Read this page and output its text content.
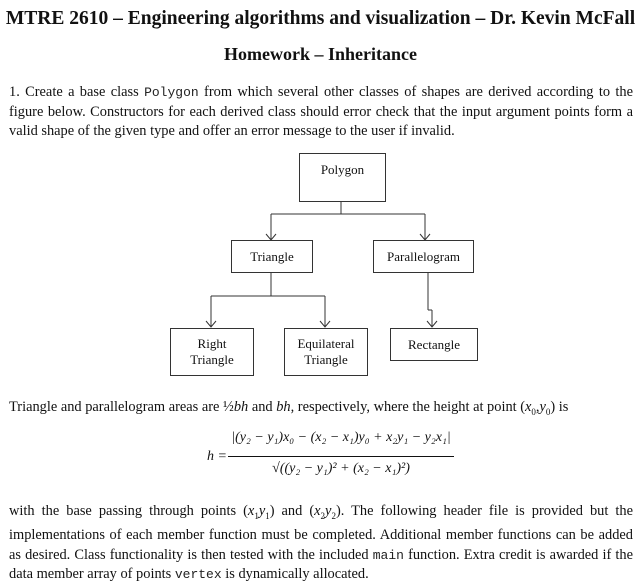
MTRE 2610 – Engineering algorithms and visualization – Dr. Kevin McFall
Homework – Inheritance
1. Create a base class Polygon from which several other classes of shapes are derived according to the figure below. Constructors for each derived class should error check that the input argument points form a valid shape of the given type and offer an error message to the user if invalid.
Polygon
Triangle	Parallelogram
Right
Triangle
Equilateral
Triangle
Rectangle
Triangle and parallelogram areas are ½bh and bh, respectively, where the height at point $(x_0,y_0)$ is
h =
|(y₂ − y₁)x₀ − (x₂ − x₁)y₀ + x₂y₁ − y₂x₁|
√((y₂ − y₁)² + (x₂ − x₁)²)
with the base passing through points $(x_1y_1)$ and $(x_2y_2)$. The following header file is provided but the implementations of each member function must be completed. Additional member functions can be added as desired. Class functionality is then tested with the included main function. Extra credit is awarded if the data member array of points vertex is dynamically allocated.
